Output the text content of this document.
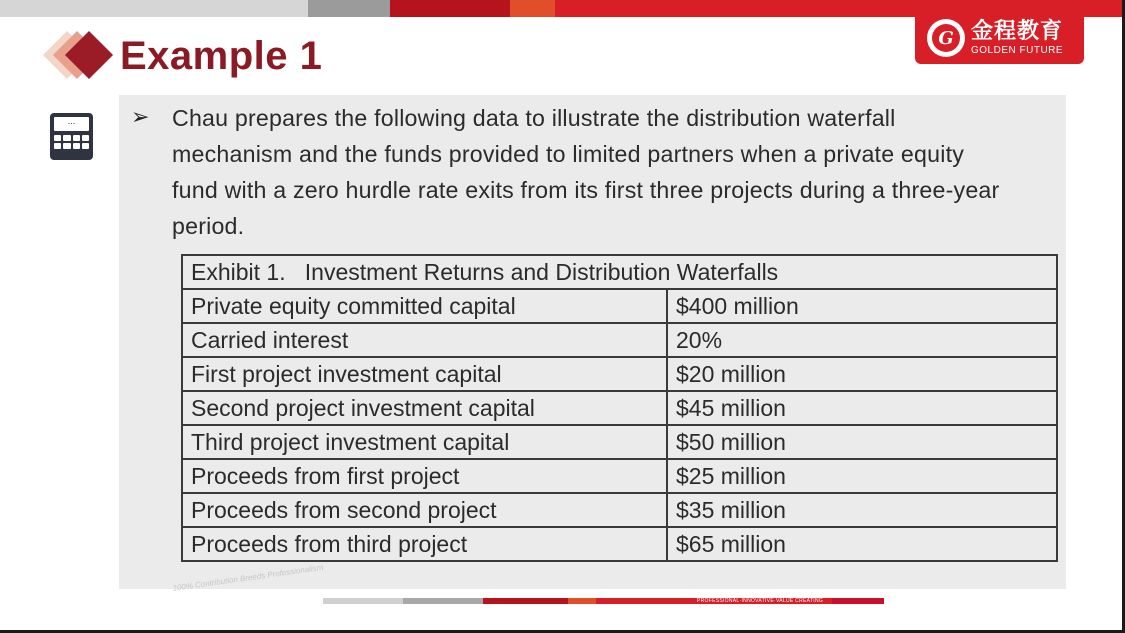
Example 1	G 金程教育
GOLDEN FUTURE
...	➢ Chau prepares the following data to illustrate the distribution waterfall
mechanism and the funds provided to limited partners when a private equity
fund with a zero hurdle rate exits from its first three projects during a three-year
period.
Exhibit 1.   Investment Returns and Distribution Waterfalls	
Private equity committed capital	$400 million
Carried interest	20%
First project investment capital	$20 million
Second project investment capital	$45 million
Third project investment capital	$50 million
Proceeds from first project	$25 million
Proceeds from second project	$35 million
Proceeds from third project	$65 million
100% Contribution Breeds Professionalism
PROFESSIONAL·INNOVATIVE·VALUE CREATING
